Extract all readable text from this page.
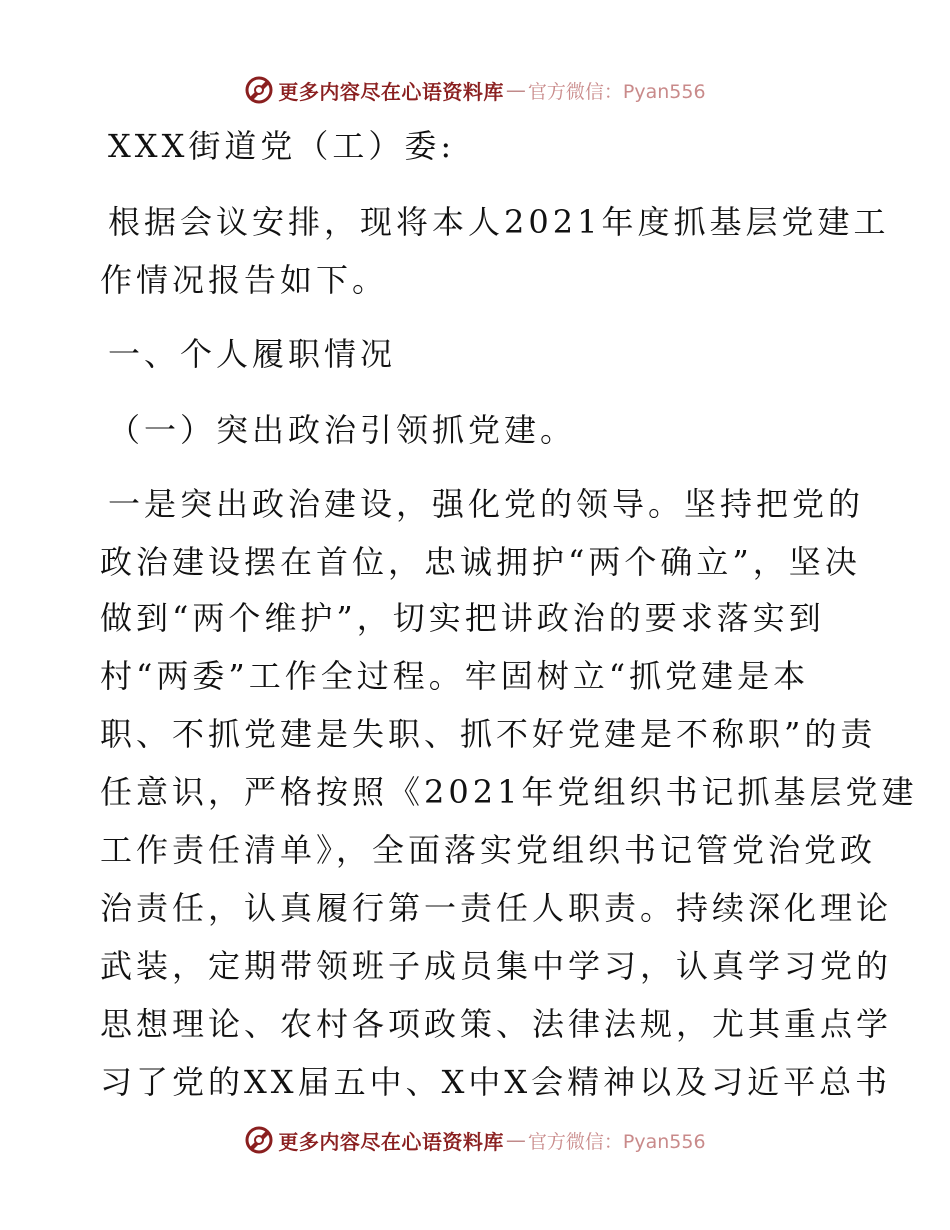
更多内容尽在心语资料库 — 官方微信：Pyan556
XXX街道党（工）委:
根据会议安排，现将本人2021年度抓基层党建工
作情况报告如下。
一、个人履职情况
（一）突出政治引领抓党建。
一是突出政治建设，强化党的领导。坚持把党的
政治建设摆在首位，忠诚拥护“两个确立”，坚决
做到“两个维护”，切实把讲政治的要求落实到
村“两委”工作全过程。牢固树立“抓党建是本
职、不抓党建是失职、抓不好党建是不称职”的责
任意识，严格按照《2021年党组织书记抓基层党建
工作责任清单》，全面落实党组织书记管党治党政
治责任，认真履行第一责任人职责。持续深化理论
武装，定期带领班子成员集中学习，认真学习党的
思想理论、农村各项政策、法律法规，尤其重点学
习了党的XX届五中、X中X会精神以及习近平总书
更多内容尽在心语资料库 — 官方微信：Pyan556
